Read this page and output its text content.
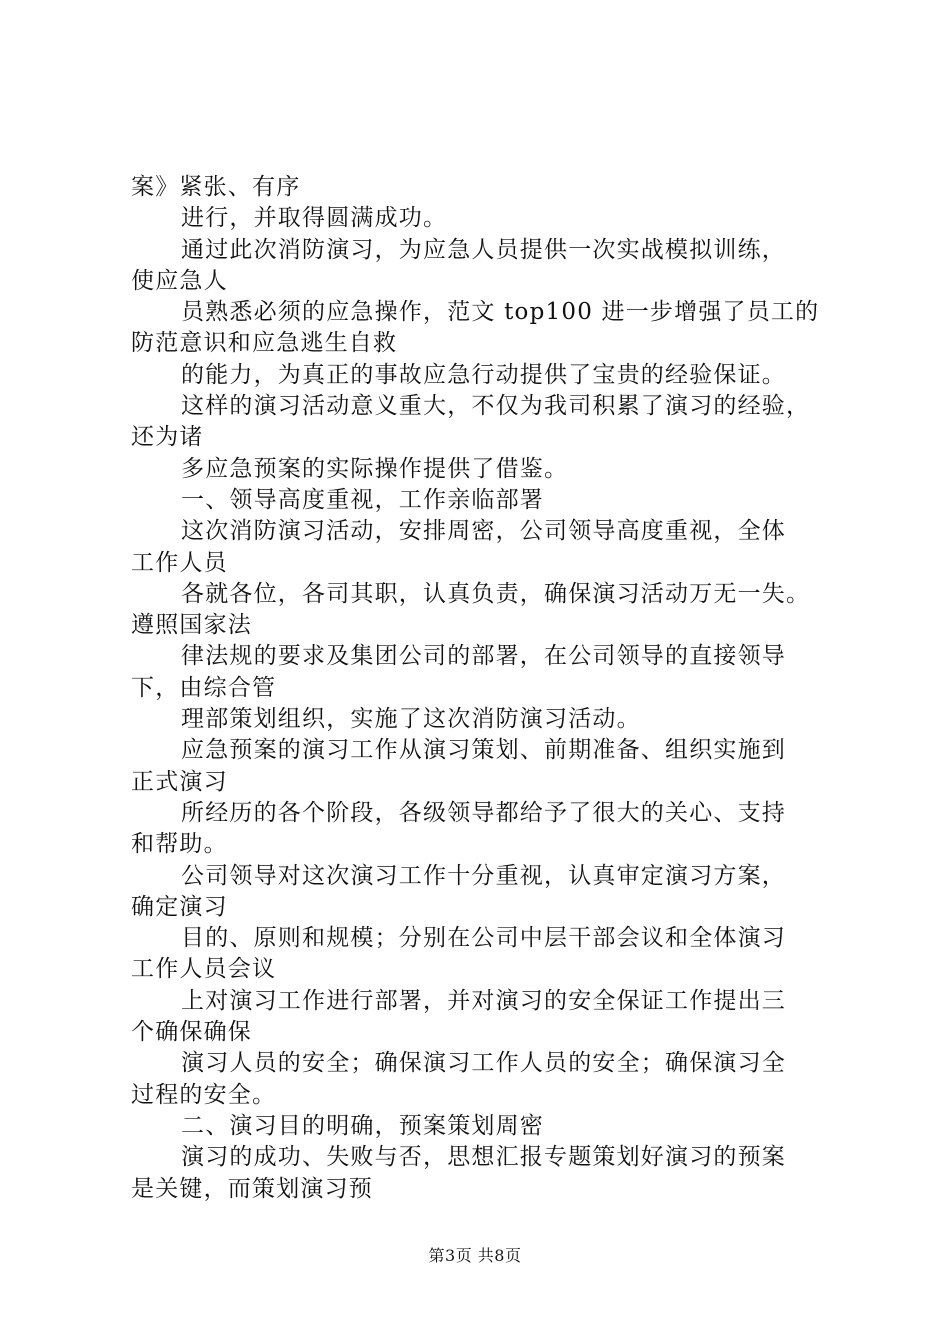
案》紧张、有序
进行，并取得圆满成功。
通过此次消防演习，为应急人员提供一次实战模拟训练，
使应急人
员熟悉必须的应急操作，范文 top100 进一步增强了员工的
防范意识和应急逃生自救
的能力，为真正的事故应急行动提供了宝贵的经验保证。
这样的演习活动意义重大，不仅为我司积累了演习的经验，
还为诸
多应急预案的实际操作提供了借鉴。
一、领导高度重视，工作亲临部署
这次消防演习活动，安排周密，公司领导高度重视，全体
工作人员
各就各位，各司其职，认真负责，确保演习活动万无一失。
遵照国家法
律法规的要求及集团公司的部署，在公司领导的直接领导
下，由综合管
理部策划组织，实施了这次消防演习活动。
应急预案的演习工作从演习策划、前期准备、组织实施到
正式演习
所经历的各个阶段，各级领导都给予了很大的关心、支持
和帮助。
公司领导对这次演习工作十分重视，认真审定演习方案，
确定演习
目的、原则和规模；分别在公司中层干部会议和全体演习
工作人员会议
上对演习工作进行部署，并对演习的安全保证工作提出三
个确保确保
演习人员的安全；确保演习工作人员的安全；确保演习全
过程的安全。
二、演习目的明确，预案策划周密
演习的成功、失败与否，思想汇报专题策划好演习的预案
是关键，而策划演习预
第3页 共8页
